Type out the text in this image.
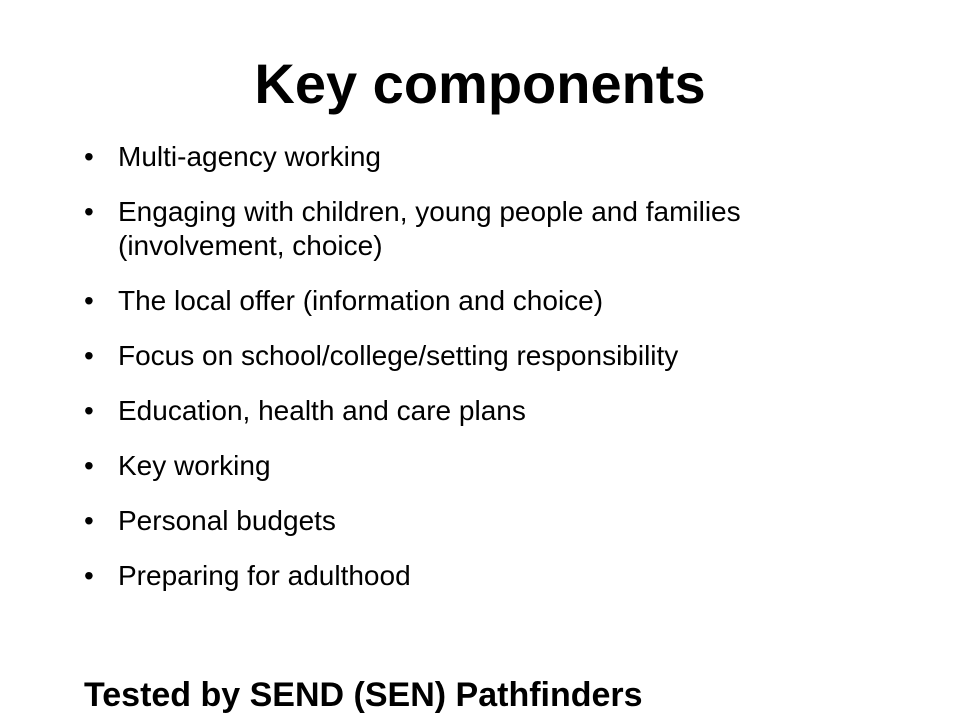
Key components
• Multi-agency working
• Engaging with children, young people and families (involvement, choice)
• The local offer (information and choice)
• Focus on school/college/setting responsibility
• Education, health and care plans
• Key working
• Personal budgets
• Preparing for adulthood

Tested by SEND (SEN) Pathfinders
